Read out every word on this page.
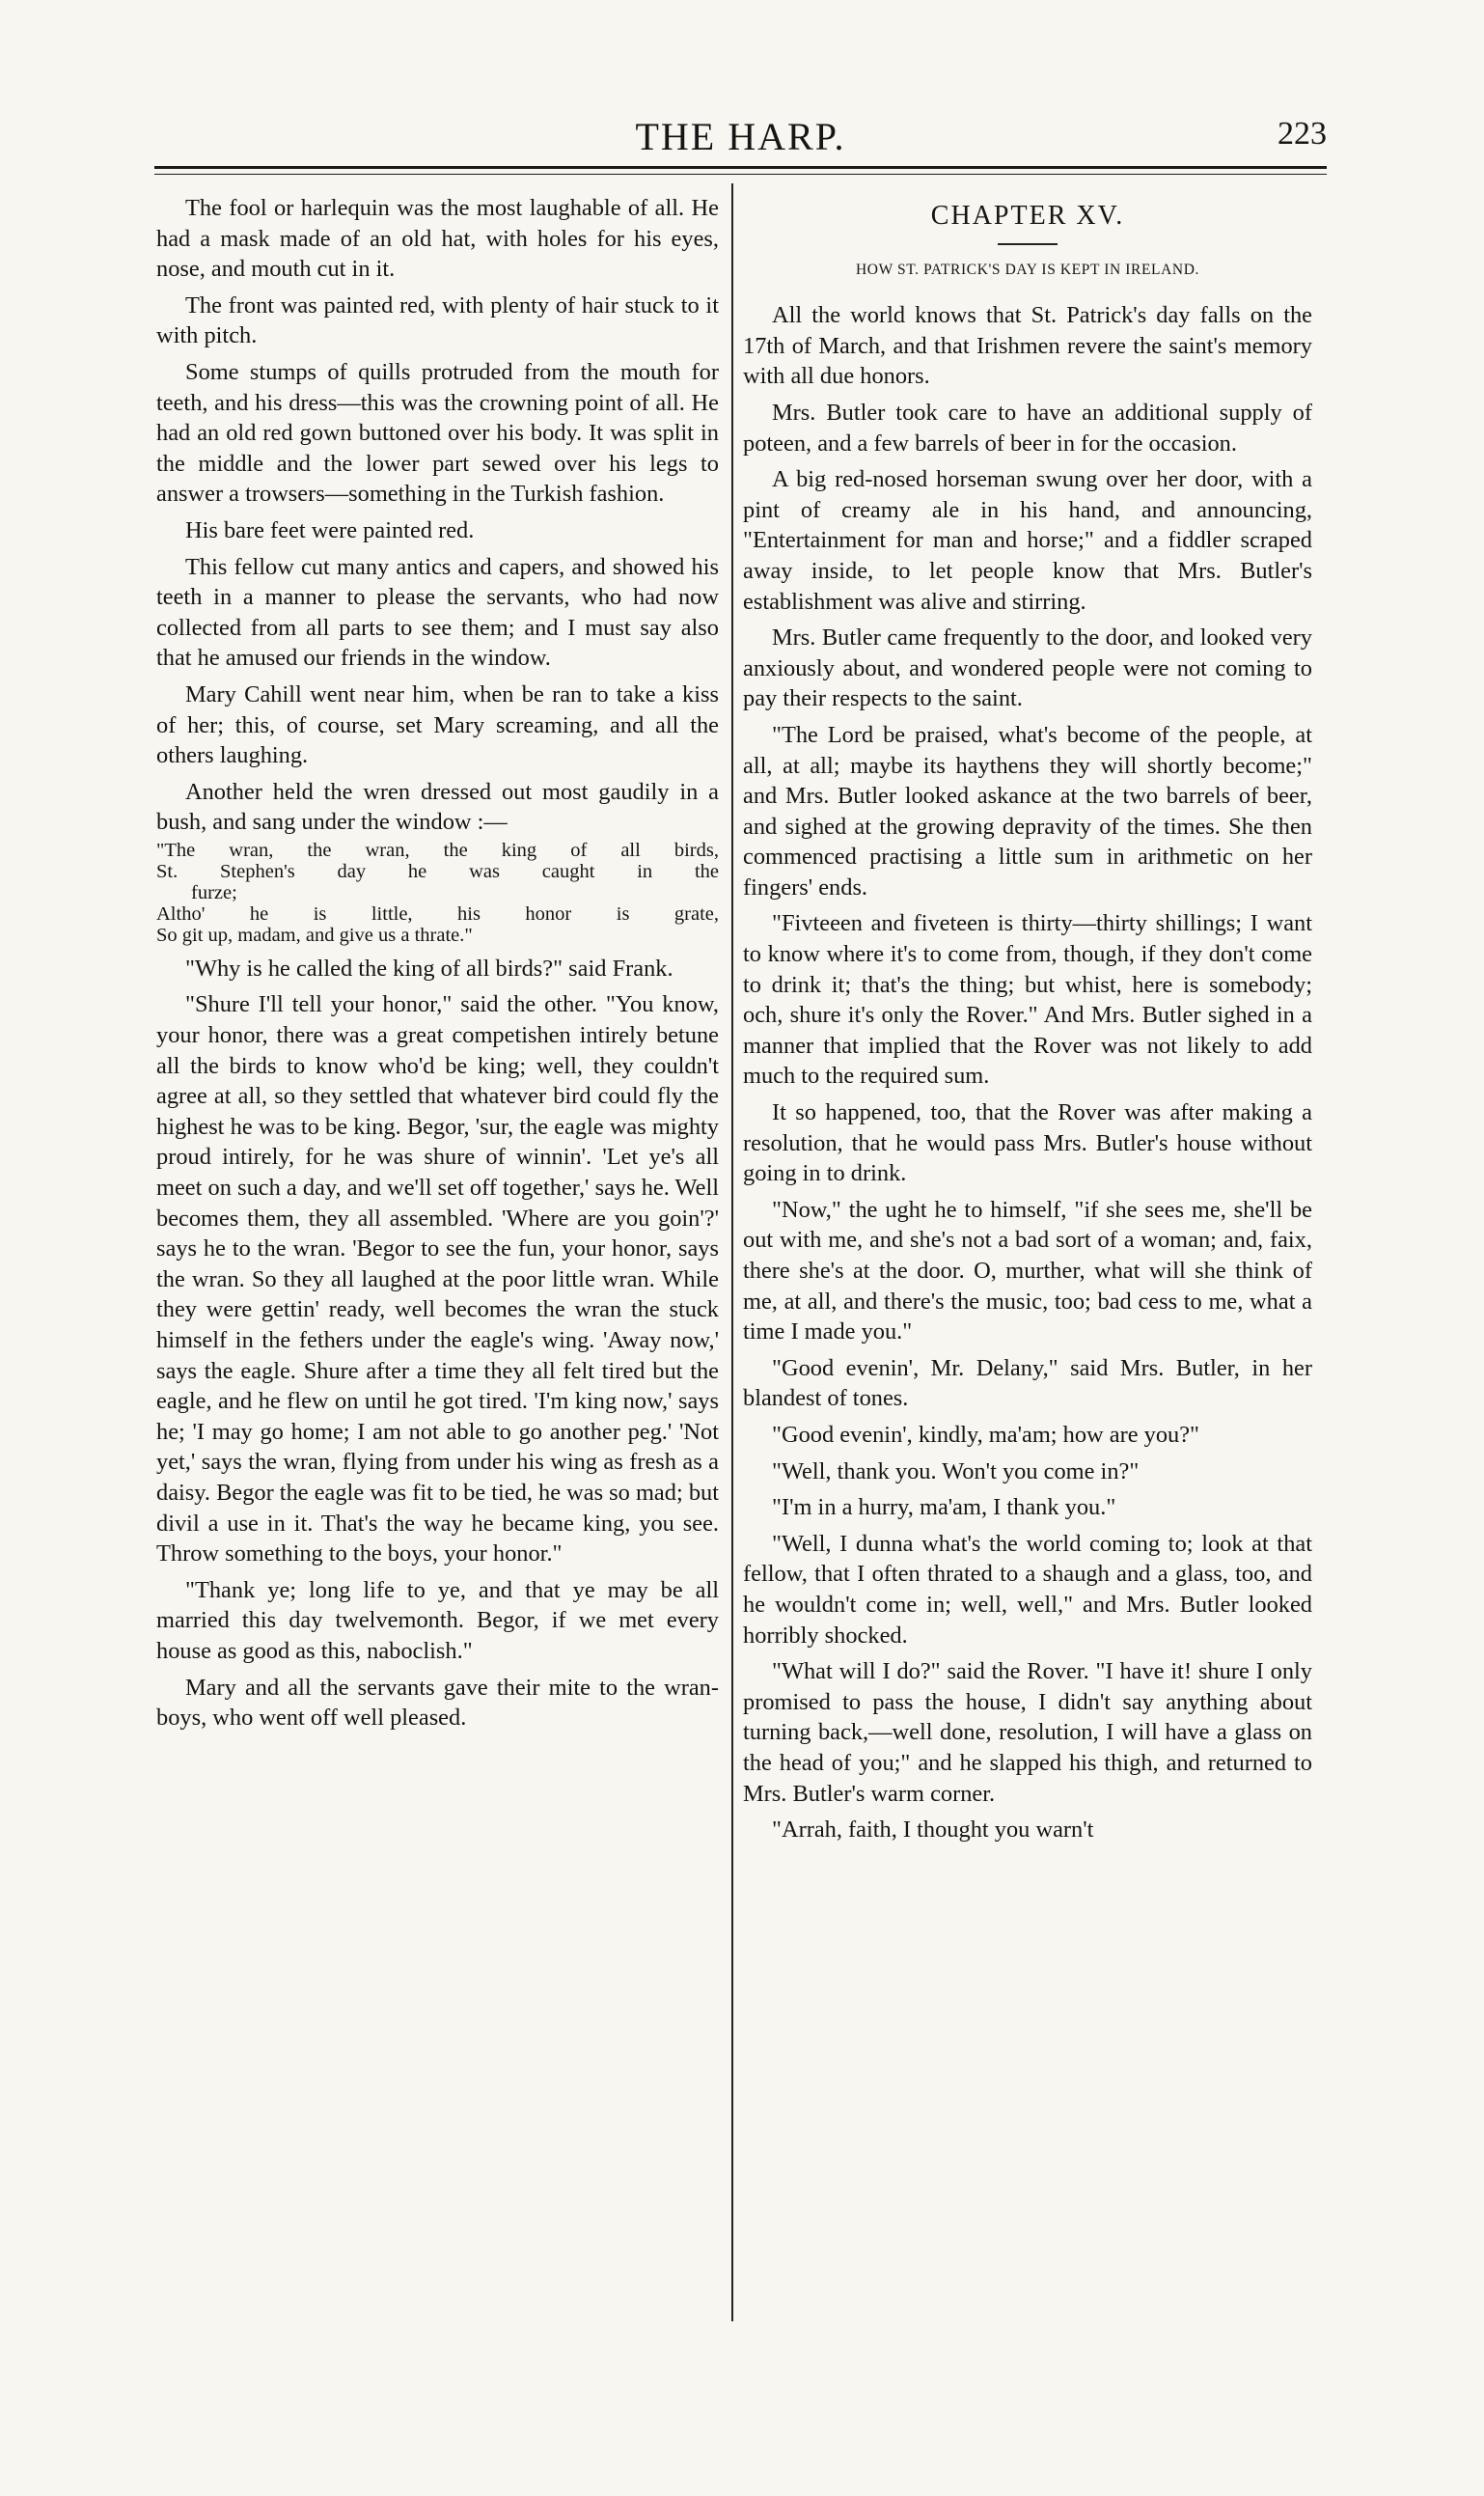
THE HARP.	223

The fool or harlequin was the most laughable of all. He had a mask made of an old hat, with holes for his eyes, nose, and mouth cut in it.

The front was painted red, with plenty of hair stuck to it with pitch.

Some stumps of quills protruded from the mouth for teeth, and his dress—this was the crowning point of all. He had an old red gown buttoned over his body. It was split in the middle and the lower part sewed over his legs to answer a trowsers—something in the Turkish fashion.

His bare feet were painted red.

This fellow cut many antics and capers, and showed his teeth in a manner to please the servants, who had now collected from all parts to see them; and I must say also that he amused our friends in the window.

Mary Cahill went near him, when be ran to take a kiss of her; this, of course, set Mary screaming, and all the others laughing.

Another held the wren dressed out most gaudily in a bush, and sang under the window :—

"The wran, the wran, the king of all birds,
St. Stephen's day he was caught in the
furze;
Altho' he is little, his honor is grate,
So git up, madam, and give us a thrate."

"Why is he called the king of all birds?" said Frank.

"Shure I'll tell your honor," said the other. "You know, your honor, there was a great competishen intirely betune all the birds to know who'd be king; well, they couldn't agree at all, so they settled that whatever bird could fly the highest he was to be king. Begor, 'sur, the eagle was mighty proud intirely, for he was shure of winnin'. 'Let ye's all meet on such a day, and we'll set off together,' says he. Well becomes them, they all assembled. 'Where are you goin'?' says he to the wran. 'Begor to see the fun, your honor, says the wran. So they all laughed at the poor little wran. While they were gettin' ready, well becomes the wran the stuck himself in the fethers under the eagle's wing. 'Away now,' says the eagle. Shure after a time they all felt tired but the eagle, and he flew on until he got tired. 'I'm king now,' says he; 'I may go home; I am not able to go another peg.' 'Not yet,' says the wran, flying from under his wing as fresh as a daisy. Begor the eagle was fit to be tied, he was so mad; but divil a use in it. That's the way he became king, you see. Throw something to the boys, your honor."

"Thank ye; long life to ye, and that ye may be all married this day twelvemonth. Begor, if we met every house as good as this, naboclish."

Mary and all the servants gave their mite to the wran-boys, who went off well pleased.

CHAPTER XV.
HOW ST. PATRICK'S DAY IS KEPT IN IRELAND.

All the world knows that St. Patrick's day falls on the 17th of March, and that Irishmen revere the saint's memory with all due honors.

Mrs. Butler took care to have an additional supply of poteen, and a few barrels of beer in for the occasion.

A big red-nosed horseman swung over her door, with a pint of creamy ale in his hand, and announcing, "Entertainment for man and horse;" and a fiddler scraped away inside, to let people know that Mrs. Butler's establishment was alive and stirring.

Mrs. Butler came frequently to the door, and looked very anxiously about, and wondered people were not coming to pay their respects to the saint.

"The Lord be praised, what's become of the people, at all, at all; maybe its haythens they will shortly become;" and Mrs. Butler looked askance at the two barrels of beer, and sighed at the growing depravity of the times. She then commenced practising a little sum in arithmetic on her fingers' ends.

"Fivteeen and fiveteen is thirty—thirty shillings; I want to know where it's to come from, though, if they don't come to drink it; that's the thing; but whist, here is somebody; och, shure it's only the Rover." And Mrs. Butler sighed in a manner that implied that the Rover was not likely to add much to the required sum.

It so happened, too, that the Rover was after making a resolution, that he would pass Mrs. Butler's house without going in to drink.

"Now," the ught he to himself, "if she sees me, she'll be out with me, and she's not a bad sort of a woman; and, faix, there she's at the door. O, murther, what will she think of me, at all, and there's the music, too; bad cess to me, what a time I made you."

"Good evenin', Mr. Delany," said Mrs. Butler, in her blandest of tones.

"Good evenin', kindly, ma'am; how are you?"

"Well, thank you. Won't you come in?"

"I'm in a hurry, ma'am, I thank you."

"Well, I dunna what's the world coming to; look at that fellow, that I often thrated to a shaugh and a glass, too, and he wouldn't come in; well, well," and Mrs. Butler looked horribly shocked.

"What will I do?" said the Rover. "I have it! shure I only promised to pass the house, I didn't say anything about turning back,—well done, resolution, I will have a glass on the head of you;" and he slapped his thigh, and returned to Mrs. Butler's warm corner.

"Arrah, faith, I thought you warn't
